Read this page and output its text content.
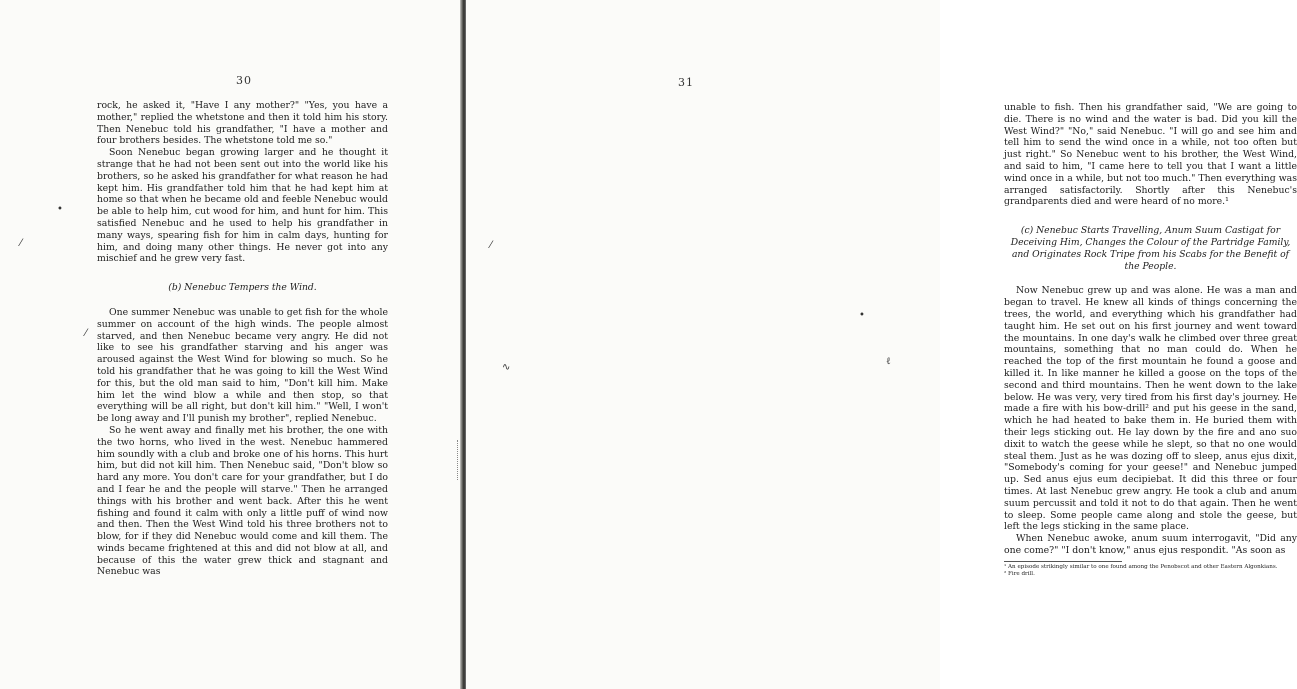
30
•
⁄
⁄

rock, he asked it, "Have I any mother?" "Yes, you have a mother," replied the whetstone and then it told him his story. Then Nenebuc told his grandfather, "I have a mother and four brothers besides. The whetstone told me so."

Soon Nenebuc began growing larger and he thought it strange that he had not been sent out into the world like his brothers, so he asked his grandfather for what reason he had kept him. His grandfather told him that he had kept him at home so that when he became old and feeble Nenebuc would be able to help him, cut wood for him, and hunt for him. This satisfied Nenebuc and he used to help his grandfather in many ways, spearing fish for him in calm days, hunting for him, and doing many other things. He never got into any mischief and he grew very fast.

(b) Nenebuc Tempers the Wind.

One summer Nenebuc was unable to get fish for the whole summer on account of the high winds. The people almost starved, and then Nenebuc became very angry. He did not like to see his grandfather starving and his anger was aroused against the West Wind for blowing so much. So he told his grandfather that he was going to kill the West Wind for this, but the old man said to him, "Don't kill him. Make him let the wind blow a while and then stop, so that everything will be all right, but don't kill him." "Well, I won't be long away and I'll punish my brother", replied Nenebuc.

So he went away and finally met his brother, the one with the two horns, who lived in the west. Nenebuc hammered him soundly with a club and broke one of his horns. This hurt him, but did not kill him. Then Nenebuc said, "Don't blow so hard any more. You don't care for your grandfather, but I do and I fear he and the people will starve." Then he arranged things with his brother and went back. After this he went fishing and found it calm with only a little puff of wind now and then. Then the West Wind told his three brothers not to blow, for if they did Nenebuc would come and kill them. The winds became frightened at this and did not blow at all, and because of this the water grew thick and stagnant and Nenebuc was

31
⁄
∿
•
ℓ

unable to fish. Then his grandfather said, "We are going to die. There is no wind and the water is bad. Did you kill the West Wind?" "No," said Nenebuc. "I will go and see him and tell him to send the wind once in a while, not too often but just right." So Nenebuc went to his brother, the West Wind, and said to him, "I came here to tell you that I want a little wind once in a while, but not too much." Then everything was arranged satisfactorily. Shortly after this Nenebuc's grandparents died and were heard of no more.¹

(c) Nenebuc Starts Travelling, Anum Suum Castigat for Deceiving Him, Changes the Colour of the Partridge Family, and Originates Rock Tripe from his Scabs for the Benefit of the People.

Now Nenebuc grew up and was alone. He was a man and began to travel. He knew all kinds of things concerning the trees, the world, and everything which his grandfather had taught him. He set out on his first journey and went toward the mountains. In one day's walk he climbed over three great mountains, something that no man could do. When he reached the top of the first mountain he found a goose and killed it. In like manner he killed a goose on the tops of the second and third mountains. Then he went down to the lake below. He was very, very tired from his first day's journey. He made a fire with his bow-drill² and put his geese in the sand, which he had heated to bake them in. He buried them with their legs sticking out. He lay down by the fire and ano suo dixit to watch the geese while he slept, so that no one would steal them. Just as he was dozing off to sleep, anus ejus dixit, "Somebody's coming for your geese!" and Nenebuc jumped up. Sed anus ejus eum decipiebat. It did this three or four times. At last Nenebuc grew angry. He took a club and anum suum percussit and told it not to do that again. Then he went to sleep. Some people came along and stole the geese, but left the legs sticking in the same place.

When Nenebuc awoke, anum suum interrogavit, "Did any one come?" "I don't know," anus ejus respondit. "As soon as

¹ An episode strikingly similar to one found among the Penobscot and other Eastern Algonkians.

² Fire drill.
